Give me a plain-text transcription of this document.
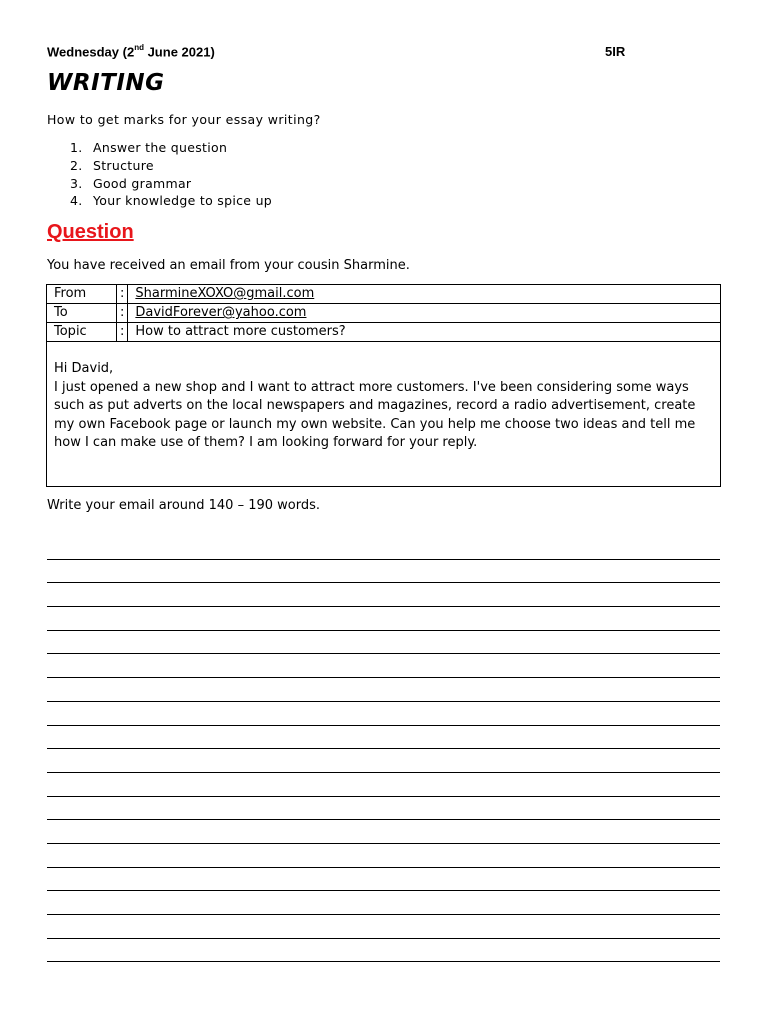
Wednesday (2nd June 2021)	5IR
WRITING
How to get marks for your essay writing?
1. Answer the question
2. Structure
3. Good grammar
4. Your knowledge to spice up
Question
You have received an email from your cousin Sharmine.
From	:	SharmineXOXO@gmail.com
To	:	DavidForever@yahoo.com
Topic	:	How to attract more customers?

Hi David,

I just opened a new shop and I want to attract more customers. I've been considering some ways such as put adverts on the local newspapers and magazines, record a radio advertisement, create my own Facebook page or launch my own website. Can you help me choose two ideas and tell me how I can make use of them? I am looking forward for your reply.		

Write your email around 140 – 190 words.
